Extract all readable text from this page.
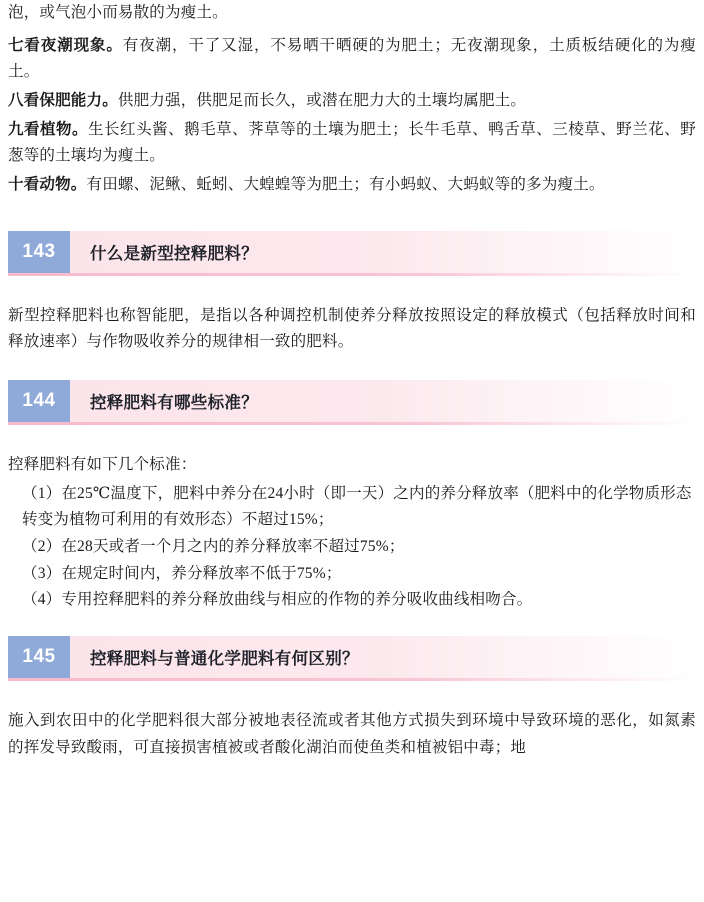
泡，或气泡小而易散的为瘦土。

七看夜潮现象。有夜潮，干了又湿，不易晒干晒硬的为肥土；无夜潮现象，土质板结硬化的为瘦土。

八看保肥能力。供肥力强，供肥足而长久，或潜在肥力大的土壤均属肥土。

九看植物。生长红头酱、鹅毛草、荠草等的土壤为肥土；长牛毛草、鸭舌草、三棱草、野兰花、野葱等的土壤均为瘦土。

十看动物。有田螺、泥鳅、蚯蚓、大蝗蝗等为肥土；有小蚂蚁、大蚂蚁等的多为瘦土。

143	什么是新型控释肥料？

新型控释肥料也称智能肥，是指以各种调控机制使养分释放按照设定的释放模式（包括释放时间和释放速率）与作物吸收养分的规律相一致的肥料。

144	控释肥料有哪些标准？

控释肥料有如下几个标准：

（1）在25℃温度下，肥料中养分在24小时（即一天）之内的养分释放率（肥料中的化学物质形态转变为植物可利用的有效形态）不超过15%；

（2）在28天或者一个月之内的养分释放率不超过75%；

（3）在规定时间内，养分释放率不低于75%；

（4）专用控释肥料的养分释放曲线与相应的作物的养分吸收曲线相吻合。

145	控释肥料与普通化学肥料有何区别？

施入到农田中的化学肥料很大部分被地表径流或者其他方式损失到环境中导致环境的恶化，如氮素的挥发导致酸雨，可直接损害植被或者酸化湖泊而使鱼类和植被铝中毒；地
